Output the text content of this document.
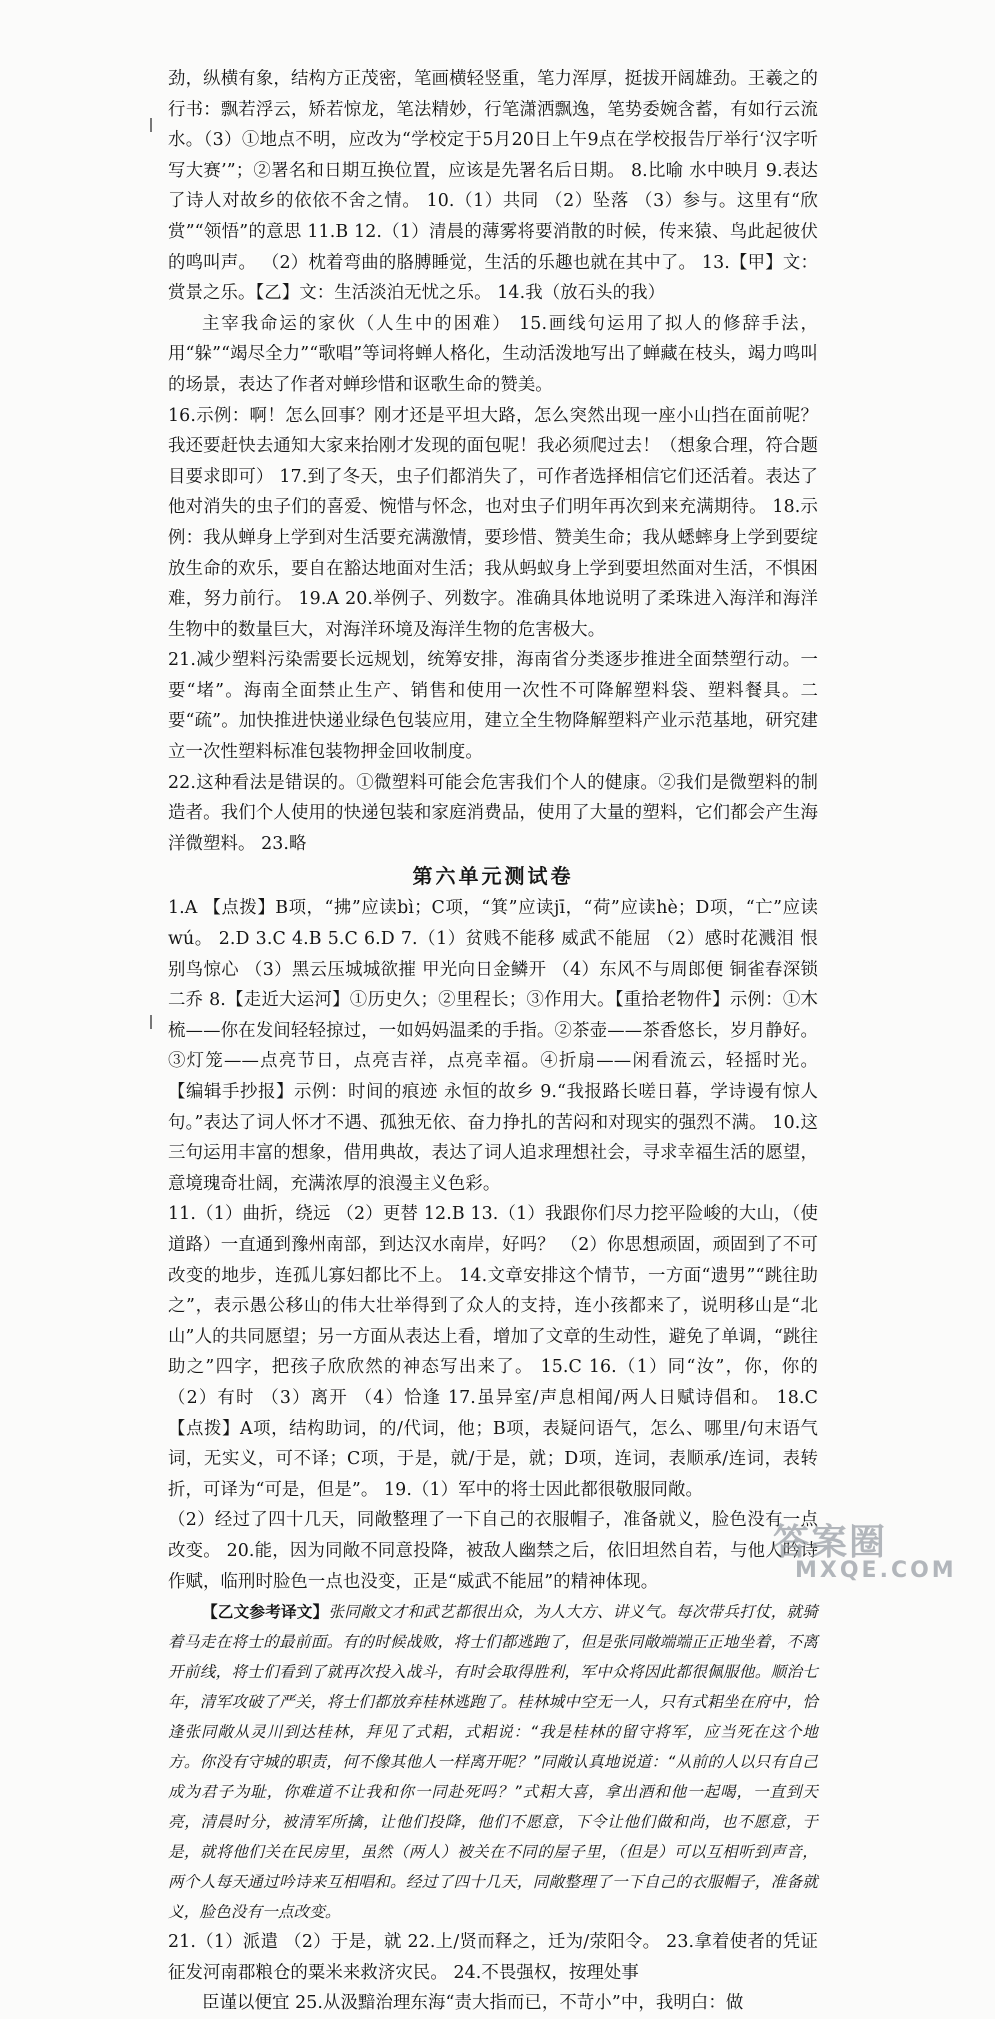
劲，纵横有象，结构方正茂密，笔画横轻竖重，笔力浑厚，挺拔开阔雄劲。王羲之的行书：飘若浮云，矫若惊龙，笔法精妙，行笔潇洒飘逸，笔势委婉含蓄，有如行云流水。（3）①地点不明，应改为“学校定于5月20日上午9点在学校报告厅举行‘汉字听写大赛’”；②署名和日期互换位置，应该是先署名后日期。 8.比喻 水中映月 9.表达了诗人对故乡的依依不舍之情。 10.（1）共同 （2）坠落 （3）参与。这里有“欣赏”“领悟”的意思 11.B 12.（1）清晨的薄雾将要消散的时候，传来猿、鸟此起彼伏的鸣叫声。 （2）枕着弯曲的胳膊睡觉，生活的乐趣也就在其中了。 13.【甲】文：赏景之乐。【乙】文：生活淡泊无忧之乐。 14.我（放石头的我）

主宰我命运的家伙（人生中的困难） 15.画线句运用了拟人的修辞手法，用“躲”“竭尽全力”“歌唱”等词将蝉人格化，生动活泼地写出了蝉藏在枝头，竭力鸣叫的场景，表达了作者对蝉珍惜和讴歌生命的赞美。

16.示例：啊！怎么回事？刚才还是平坦大路，怎么突然出现一座小山挡在面前呢？我还要赶快去通知大家来抬刚才发现的面包呢！我必须爬过去！（想象合理，符合题目要求即可） 17.到了冬天，虫子们都消失了，可作者选择相信它们还活着。表达了他对消失的虫子们的喜爱、惋惜与怀念，也对虫子们明年再次到来充满期待。 18.示例：我从蝉身上学到对生活要充满激情，要珍惜、赞美生命；我从蟋蟀身上学到要绽放生命的欢乐，要自在豁达地面对生活；我从蚂蚁身上学到要坦然面对生活，不惧困难，努力前行。 19.A 20.举例子、列数字。准确具体地说明了柔珠进入海洋和海洋生物中的数量巨大，对海洋环境及海洋生物的危害极大。

21.减少塑料污染需要长远规划，统筹安排，海南省分类逐步推进全面禁塑行动。一要“堵”。海南全面禁止生产、销售和使用一次性不可降解塑料袋、塑料餐具。二要“疏”。加快推进快递业绿色包装应用，建立全生物降解塑料产业示范基地，研究建立一次性塑料标准包装物押金回收制度。

22.这种看法是错误的。①微塑料可能会危害我们个人的健康。②我们是微塑料的制造者。我们个人使用的快递包装和家庭消费品，使用了大量的塑料，它们都会产生海洋微塑料。 23.略

第六单元测试卷

1.A 【点拨】B项，“拂”应读bì；C项，“箕”应读jī，“荷”应读hè；D项，“亡”应读wú。 2.D 3.C 4.B 5.C 6.D 7.（1）贫贱不能移 威武不能屈 （2）感时花溅泪 恨别鸟惊心 （3）黑云压城城欲摧 甲光向日金鳞开 （4）东风不与周郎便 铜雀春深锁二乔 8.【走近大运河】①历史久；②里程长；③作用大。【重拾老物件】示例：①木梳——你在发间轻轻掠过，一如妈妈温柔的手指。②茶壶——茶香悠长，岁月静好。③灯笼——点亮节日，点亮吉祥，点亮幸福。④折扇——闲看流云，轻摇时光。 【编辑手抄报】示例：时间的痕迹 永恒的故乡 9.“我报路长嗟日暮，学诗谩有惊人句。”表达了词人怀才不遇、孤独无依、奋力挣扎的苦闷和对现实的强烈不满。 10.这三句运用丰富的想象，借用典故，表达了词人追求理想社会，寻求幸福生活的愿望，意境瑰奇壮阔，充满浓厚的浪漫主义色彩。

11.（1）曲折，绕远 （2）更替 12.B 13.（1）我跟你们尽力挖平险峻的大山，（使道路）一直通到豫州南部，到达汉水南岸，好吗？ （2）你思想顽固，顽固到了不可改变的地步，连孤儿寡妇都比不上。 14.文章安排这个情节，一方面“遗男”“跳往助之”，表示愚公移山的伟大壮举得到了众人的支持，连小孩都来了，说明移山是“北山”人的共同愿望；另一方面从表达上看，增加了文章的生动性，避免了单调，“跳往助之”四字，把孩子欣欣然的神态写出来了。 15.C 16.（1）同“汝”，你，你的 （2）有时 （3）离开 （4）恰逢 17.虽异室/声息相闻/两人日赋诗倡和。 18.C 【点拨】A项，结构助词，的/代词，他；B项，表疑问语气，怎么、哪里/句末语气词，无实义，可不译；C项，于是，就/于是，就；D项，连词，表顺承/连词，表转折，可译为“可是，但是”。 19.（1）军中的将士因此都很敬服同敞。

（2）经过了四十几天，同敞整理了一下自己的衣服帽子，准备就义，脸色没有一点改变。 20.能，因为同敞不同意投降，被敌人幽禁之后，依旧坦然自若，与他人吟诗作赋，临刑时脸色一点也没变，正是“威武不能屈”的精神体现。

【乙文参考译文】张同敞文才和武艺都很出众，为人大方、讲义气。每次带兵打仗，就骑着马走在将士的最前面。有的时候战败，将士们都逃跑了，但是张同敞端端正正地坐着，不离开前线，将士们看到了就再次投入战斗，有时会取得胜利，军中众将因此都很佩服他。顺治七年，清军攻破了严关，将士们都放弃桂林逃跑了。桂林城中空无一人，只有式耜坐在府中，恰逢张同敞从灵川到达桂林，拜见了式耜，式耜说：“我是桂林的留守将军，应当死在这个地方。你没有守城的职责，何不像其他人一样离开呢？”同敞认真地说道：“从前的人以只有自己成为君子为耻，你难道不让我和你一同赴死吗？”式耜大喜，拿出酒和他一起喝，一直到天亮，清晨时分，被清军所擒，让他们投降，他们不愿意，下令让他们做和尚，也不愿意，于是，就将他们关在民房里，虽然（两人）被关在不同的屋子里，（但是）可以互相听到声音，两个人每天通过吟诗来互相唱和。经过了四十几天，同敞整理了一下自己的衣服帽子，准备就义，脸色没有一点改变。

21.（1）派遣 （2）于是，就 22.上/贤而释之，迁为/荥阳令。 23.拿着使者的凭证征发河南郡粮仓的粟米来救济灾民。 24.不畏强权，按理处事

臣谨以便宜 25.从汲黯治理东海“责大指而已，不苛小”中，我明白：做

答案圈
MXQE.COM
